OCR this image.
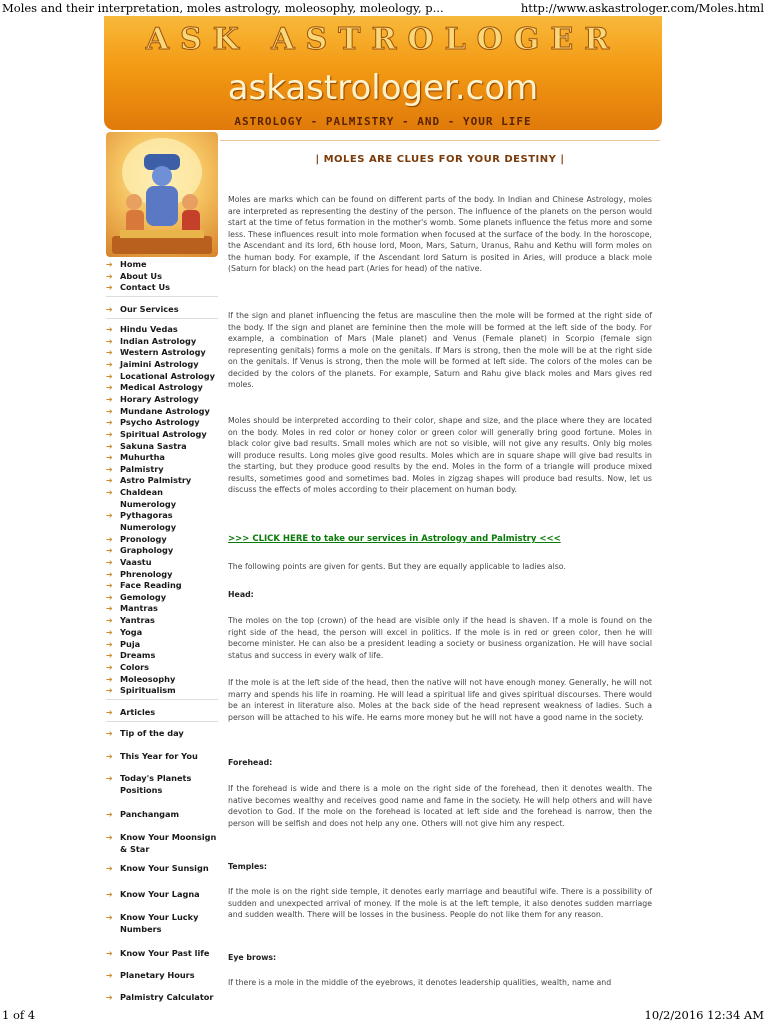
Moles and their interpretation, moles astrology, moleosophy, moleology, p...	http://www.askastrologer.com/Moles.html
ASK ASTROLOGER
askastrologer.com
ASTROLOGY - PALMISTRY - AND - YOUR LIFE
➔ Home
➔ About Us
➔ Contact Us
➔ Our Services
➔ Hindu Vedas
➔ Indian Astrology
➔ Western Astrology
➔ Jaimini Astrology
➔ Locational Astrology
➔ Medical Astrology
➔ Horary Astrology
➔ Mundane Astrology
➔ Psycho Astrology
➔ Spiritual Astrology
➔ Sakuna Sastra
➔ Muhurtha
➔ Palmistry
➔ Astro Palmistry
➔ Chaldean Numerology
➔ Pythagoras Numerology
➔ Pronology
➔ Graphology
➔ Vaastu
➔ Phrenology
➔ Face Reading
➔ Gemology
➔ Mantras
➔ Yantras
➔ Yoga
➔ Puja
➔ Dreams
➔ Colors
➔ Moleosophy
➔ Spiritualism
➔ Articles
➔ Tip of the day
➔ This Year for You
➔ Today's Planets Positions
➔ Panchangam
➔ Know Your Moonsign & Star
➔ Know Your Sunsign
➔ Know Your Lagna
➔ Know Your Lucky Numbers
➔ Know Your Past life
➔ Planetary Hours
➔ Palmistry Calculator
| MOLES ARE CLUES FOR YOUR DESTINY |

Moles are marks which can be found on different parts of the body. In Indian and Chinese Astrology, moles are interpreted as representing the destiny of the person. The influence of the planets on the person would start at the time of fetus formation in the mother's womb. Some planets influence the fetus more and some less. These influences result into mole formation when focused at the surface of the body. In the horoscope, the Ascendant and its lord, 6th house lord, Moon, Mars, Saturn, Uranus, Rahu and Kethu will form moles on the human body. For example, if the Ascendant lord Saturn is posited in Aries, will produce a black mole (Saturn for black) on the head part (Aries for head) of the native.

If the sign and planet influencing the fetus are masculine then the mole will be formed at the right side of the body. If the sign and planet are feminine then the mole will be formed at the left side of the body. For example, a combination of Mars (Male planet) and Venus (Female planet) in Scorpio (female sign representing genitals) forms a mole on the genitals. If Mars is strong, then the mole will be at the right side on the genitals. If Venus is strong, then the mole will be formed at left side. The colors of the moles can be decided by the colors of the planets. For example, Saturn and Rahu give black moles and Mars gives red moles.

Moles should be interpreted according to their color, shape and size, and the place where they are located on the body. Moles in red color or honey color or green color will generally bring good fortune. Moles in black color give bad results. Small moles which are not so visible, will not give any results. Only big moles will produce results. Long moles give good results. Moles which are in square shape will give bad results in the starting, but they produce good results by the end. Moles in the form of a triangle will produce mixed results, sometimes good and sometimes bad. Moles in zigzag shapes will produce bad results. Now, let us discuss the effects of moles according to their placement on human body.

>>> CLICK HERE to take our services in Astrology and Palmistry <<<

The following points are given for gents. But they are equally applicable to ladies also.

Head:

The moles on the top (crown) of the head are visible only if the head is shaven. If a mole is found on the right side of the head, the person will excel in politics. If the mole is in red or green color, then he will become minister. He can also be a president leading a society or business organization. He will have social status and success in every walk of life.

If the mole is at the left side of the head, then the native will not have enough money. Generally, he will not marry and spends his life in roaming. He will lead a spiritual life and gives spiritual discourses. There would be an interest in literature also. Moles at the back side of the head represent weakness of ladies. Such a person will be attached to his wife. He earns more money but he will not have a good name in the society.

Forehead:

If the forehead is wide and there is a mole on the right side of the forehead, then it denotes wealth. The native becomes wealthy and receives good name and fame in the society. He will help others and will have devotion to God. If the mole on the forehead is located at left side and the forehead is narrow, then the person will be selfish and does not help any one. Others will not give him any respect.

Temples:

If the mole is on the right side temple, it denotes early marriage and beautiful wife. There is a possibility of sudden and unexpected arrival of money. If the mole is at the left temple, it also denotes sudden marriage and sudden wealth. There will be losses in the business. People do not like them for any reason.

Eye brows:

If there is a mole in the middle of the eyebrows, it denotes leadership qualities, wealth, name and

1 of 4	10/2/2016 12:34 AM
